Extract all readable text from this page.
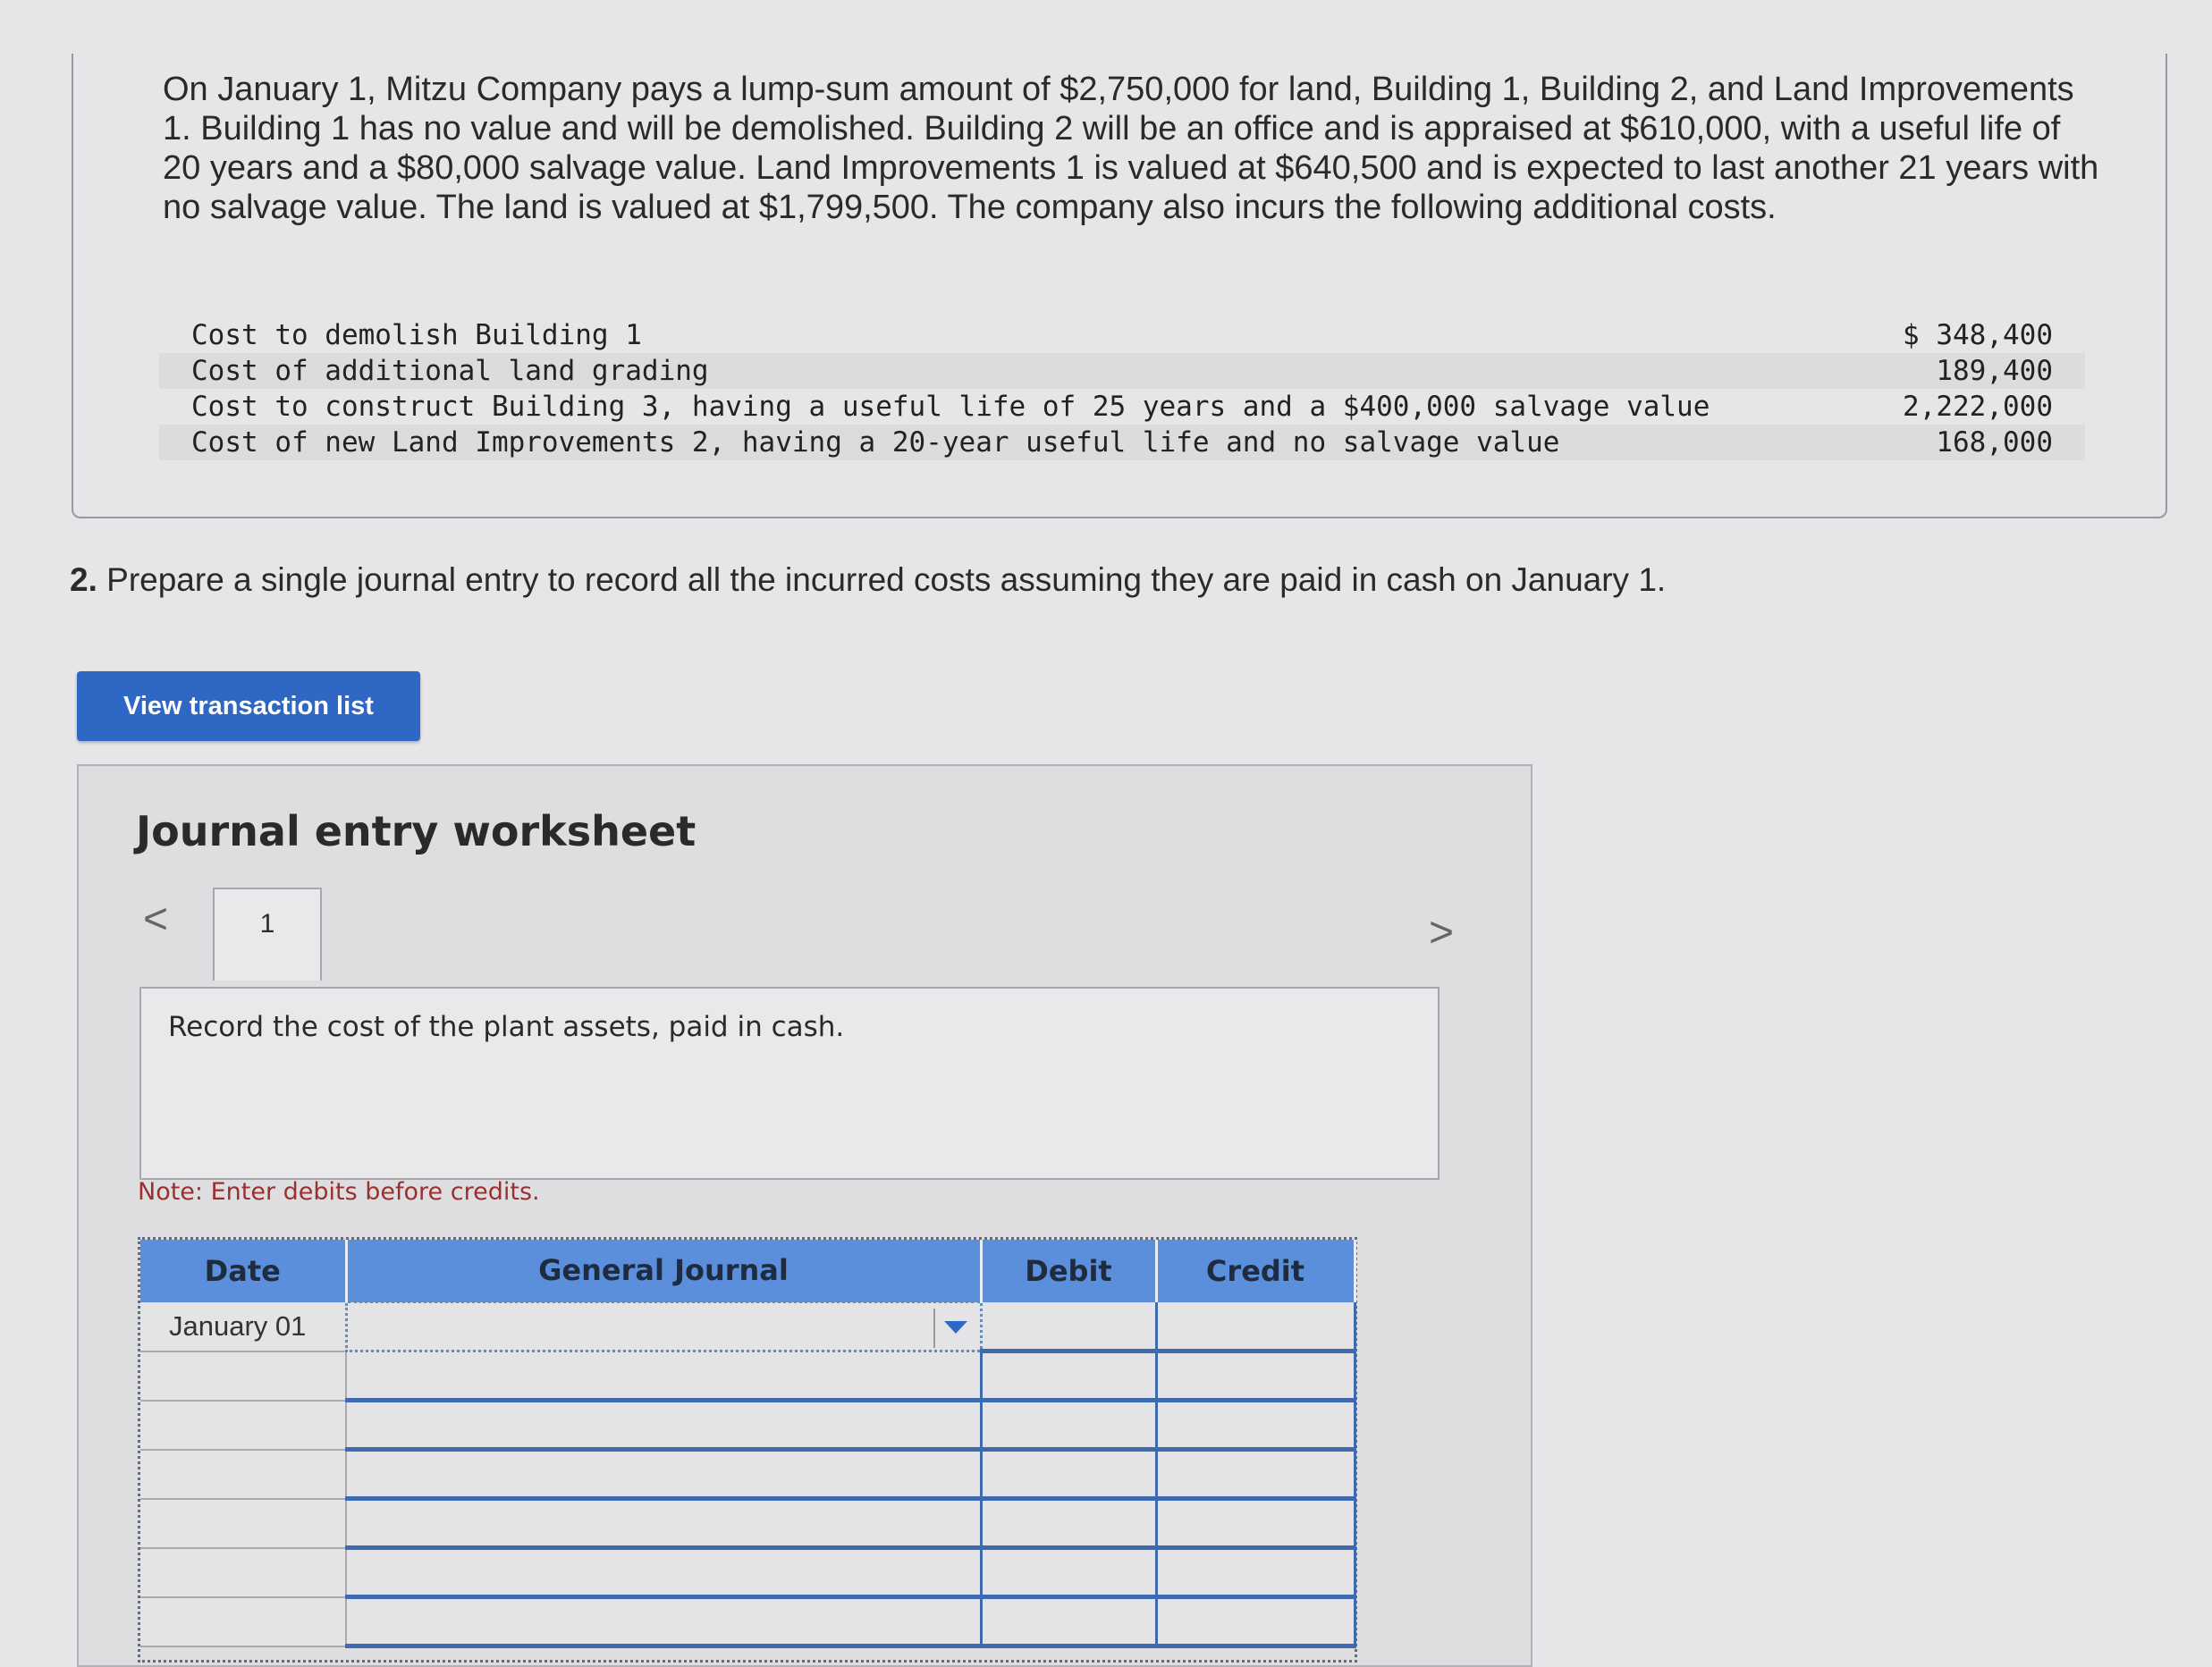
On January 1, Mitzu Company pays a lump-sum amount of $2,750,000 for land, Building 1, Building 2, and Land Improvements 1. Building 1 has no value and will be demolished. Building 2 will be an office and is appraised at $610,000, with a useful life of 20 years and a $80,000 salvage value. Land Improvements 1 is valued at $640,500 and is expected to last another 21 years with no salvage value. The land is valued at $1,799,500. The company also incurs the following additional costs.
Cost to demolish Building 1	$ 348,400
Cost of additional land grading	189,400
Cost to construct Building 3, having a useful life of 25 years and a $400,000 salvage value	2,222,000
Cost of new Land Improvements 2, having a 20-year useful life and no salvage value	168,000
2. Prepare a single journal entry to record all the incurred costs assuming they are paid in cash on January 1.
View transaction list
Journal entry worksheet
<	1	>
Record the cost of the plant assets, paid in cash.
Note: Enter debits before credits.
Date	General Journal	Debit	Credit
January 01	
